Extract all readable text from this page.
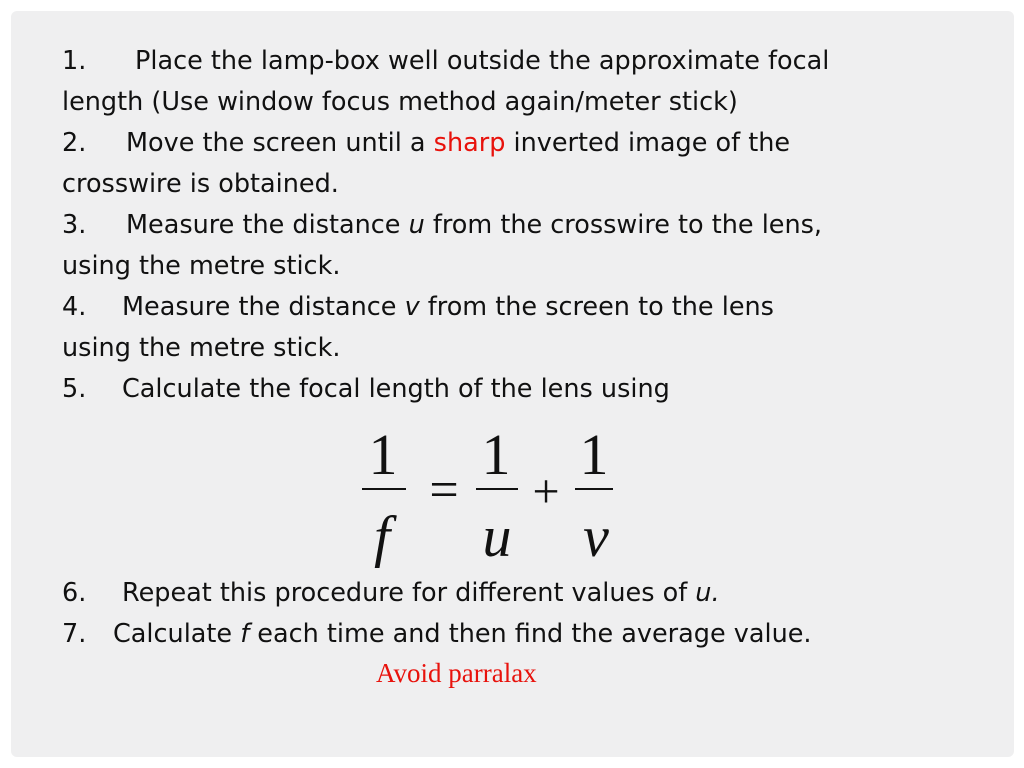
1. Place the lamp-box well outside the approximate focal
length (Use window focus method again/meter stick)
2. Move the screen until a sharp inverted image of the
crosswire is obtained.
3. Measure the distance u from the crosswire to the lens,
using the metre stick.
4. Measure the distance v from the screen to the lens
using the metre stick.
5. Calculate the focal length of the lens using
1
f
=
1
u
+
1
v
6. Repeat this procedure for different values of u.
7. Calculate f each time and then find the average value.
Avoid parralax
